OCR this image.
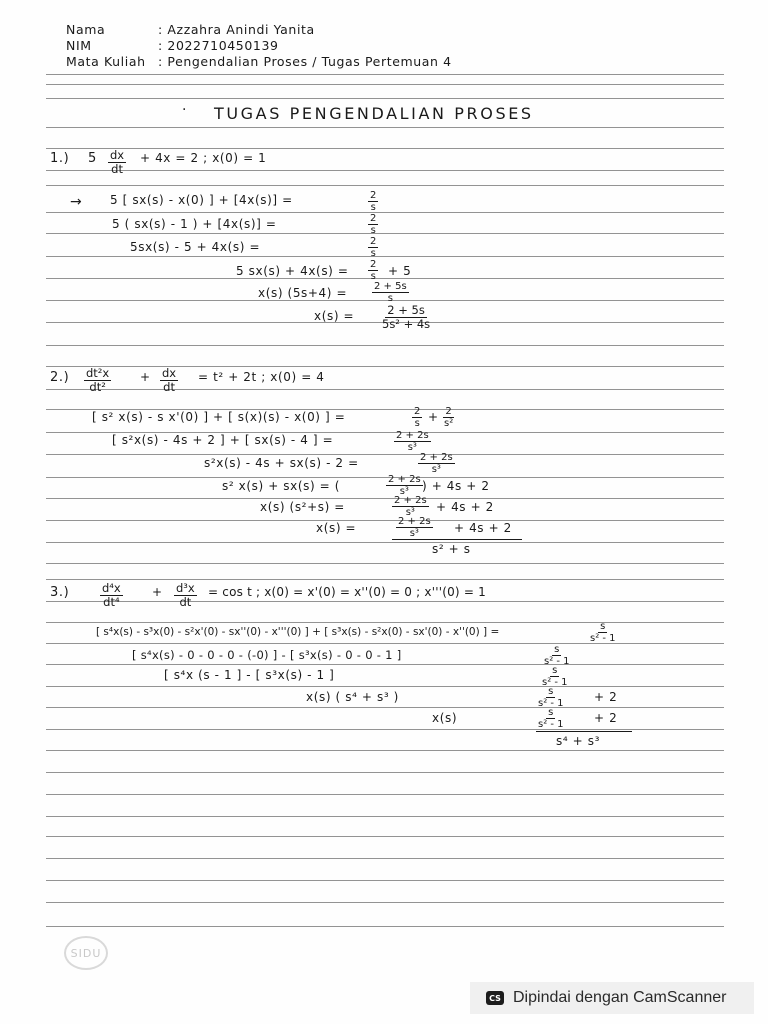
Nama	: Azzahra Anindi Yanita
NIM	: 2022710450139
Mata Kuliah : Pengendalian Proses / Tugas Pertemuan 4
· TUGAS PENGENDALIAN PROSES
1.) $5 \frac{dx}{dt} + 4x = 2$ ; x(0) = 1
→ 5 [ sx(s) - x(0) ] + [4x(s)] =	$\frac{2}{s}$
5 ( sx(s) - 1 ) + [4x(s)] =	$\frac{2}{s}$
5sx(s) - 5 + 4x(s) =	$\frac{2}{s}$
5 $sx(s) + 4x(s) = \frac{2}{s} + 5$
x(s) $(5s+4) = \frac{2 + 5s}{s}$
$x(s) = \frac{2 + 5s}{\text{5s² + 4s}}$
$2.) \frac{\text{dt²x}}{\text{dt²}} + \frac{dx}{dt} = t^2 + 2t$ ; x(0) = 4
[ s² x(s) - s x'(0) ] + [ s(x)(s) - x(0) ] =	$\frac{2}{s} + \frac{2}{\text{s²}}$
[ s²x(s) - 4s + 2 ] + [ sx(s) - 4 ] =	$\frac{2 + 2s}{\text{s³}}$
s²x(s) - 4s + sx(s) - 2 =	$\frac{2 + 2s}{\text{s³}}$
s² x(s) + sx(s) = (	$\frac{2 + 2s}{\text{s³}}$ ) + 4s + 2
x(s) (s²+s) =	$\frac{2 + 2s}{\text{s³}} + 4s + 2$
x(s) =	$\frac{2 + 2s}{\text{s³}} + 4s + 2$
s² + s
3.)	$\frac{\text{d⁴x}}{\text{dt⁴}} + \frac{\text{d³x}}{dt} = \cos t$ ; x(0) = x'(0) = x''(0) = 0 ; x'''(0) = 1
[ s⁴x(s) - s³x(0) - s²x'(0) - sx''(0) - x'''(0) ] + [ s³x(s) - s²x(0) - sx'(0) - x''(0) ] =	$\frac{s}{\text{s² - 1}}$
[ s⁴x(s) - 0 - 0 - 0 - (-0) ] - [ s³x(s) - 0 - 0 - 1 ]	$\frac{s}{\text{s² - 1}}$
[ s⁴x (s - 1 ] - [ s³x(s) - 1 ]	$\frac{s}{\text{s² - 1}}$
x(s) ( s⁴ + s³ )	$\frac{s}{\text{s² - 1}} + 2$
x(s)	$\frac{s}{\text{s² - 1}} + 2$
s⁴ + s³
SIDU
CS Dipindai dengan CamScanner
